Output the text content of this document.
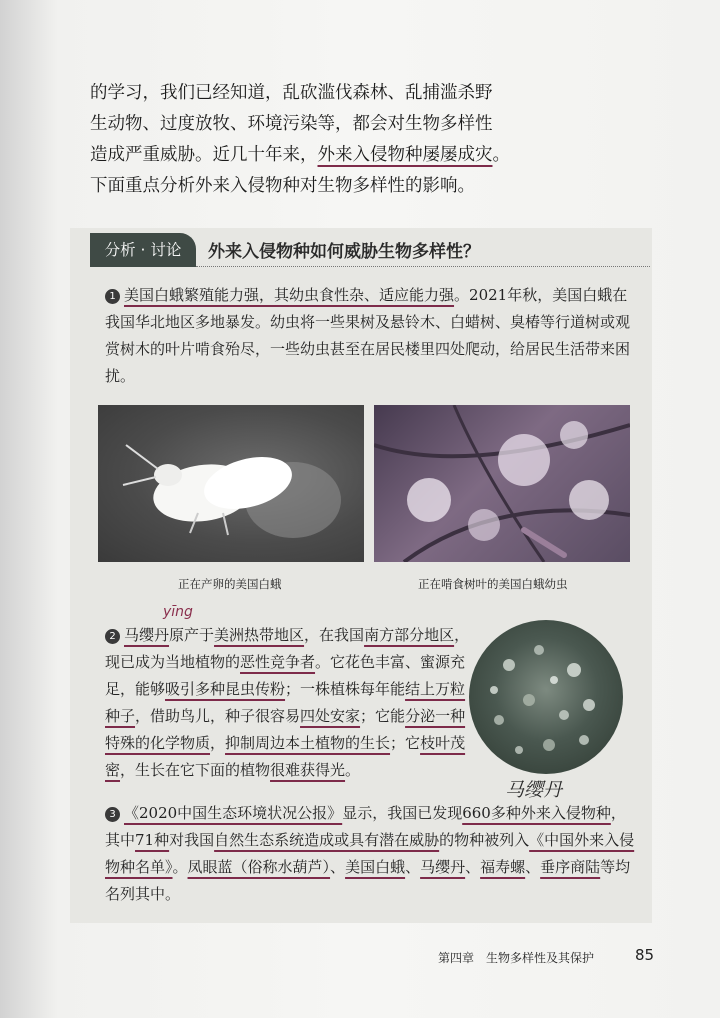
的学习，我们已经知道，乱砍滥伐森林、乱捕滥杀野

生动物、过度放牧、环境污染等，都会对生物多样性

造成严重威胁。近几十年来，外来入侵物种屡屡成灾。

下面重点分析外来入侵物种对生物多样性的影响。

分析 · 讨论	外来入侵物种如何威胁生物多样性？
1 美国白蛾繁殖能力强，其幼虫食性杂、适应能力强。2021年秋，美国白蛾在我国华北地区多地暴发。幼虫将一些果树及悬铃木、白蜡树、臭椿等行道树或观赏树木的叶片啃食殆尽，一些幼虫甚至在居民楼里四处爬动，给居民生活带来困扰。
正在产卵的美国白蛾	正在啃食树叶的美国白蛾幼虫
yīng
2 马缨丹原产于美洲热带地区，在我国南方部分地区，现已成为当地植物的恶性竞争者。它花色丰富、蜜源充足，能够吸引多种昆虫传粉；一株植株每年能结上万粒种子，借助鸟儿，种子很容易四处安家；它能分泌一种特殊的化学物质，抑制周边本土植物的生长；它枝叶茂密，生长在它下面的植物很难获得光。
马缨丹
3 《2020中国生态环境状况公报》显示，我国已发现660多种外来入侵物种，其中71种对我国自然生态系统造成或具有潜在威胁的物种被列入《中国外来入侵物种名单》。凤眼蓝（俗称水葫芦）、美国白蛾、马缨丹、福寿螺、垂序商陆等均名列其中。
第四章　生物多样性及其保护	85
